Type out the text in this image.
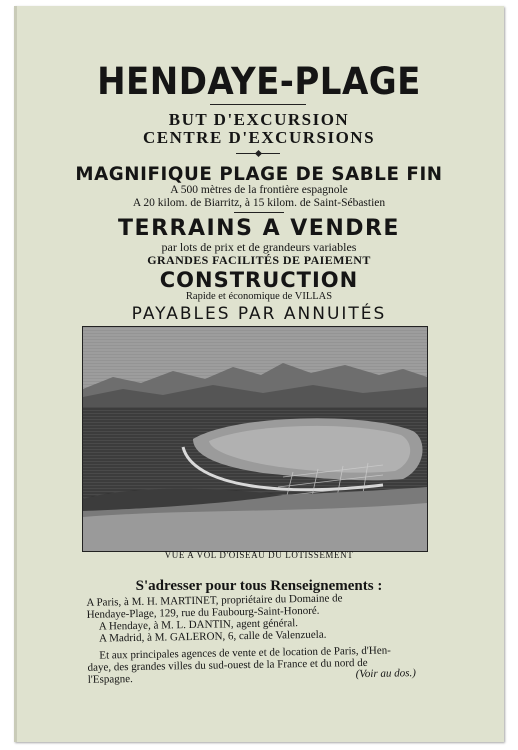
HENDAYE-PLAGE
BUT D'EXCURSION
CENTRE D'EXCURSIONS
MAGNIFIQUE PLAGE DE SABLE FIN
A 500 mètres de la frontière espagnole
A 20 kilom. de Biarritz, à 15 kilom. de Saint-Sébastien
TERRAINS A VENDRE
par lots de prix et de grandeurs variables
GRANDES FACILITÉS DE PAIEMENT
CONSTRUCTION
Rapide et économique de VILLAS
PAYABLES PAR ANNUITÉS
VUE A VOL D'OISEAU DU LOTISSEMENT
S'adresser pour tous Renseignements :
A Paris, à M. H. MARTINET, propriétaire du Domaine de
Hendaye-Plage, 129, rue du Faubourg-Saint-Honoré.
A Hendaye, à M. L. DANTIN, agent général.
A Madrid, à M. GALERON, 6, calle de Valenzuela.
Et aux principales agences de vente et de location de Paris, d'Hen-
daye, des grandes villes du sud-ouest de la France et du nord de
l'Espagne.	(Voir au dos.)
